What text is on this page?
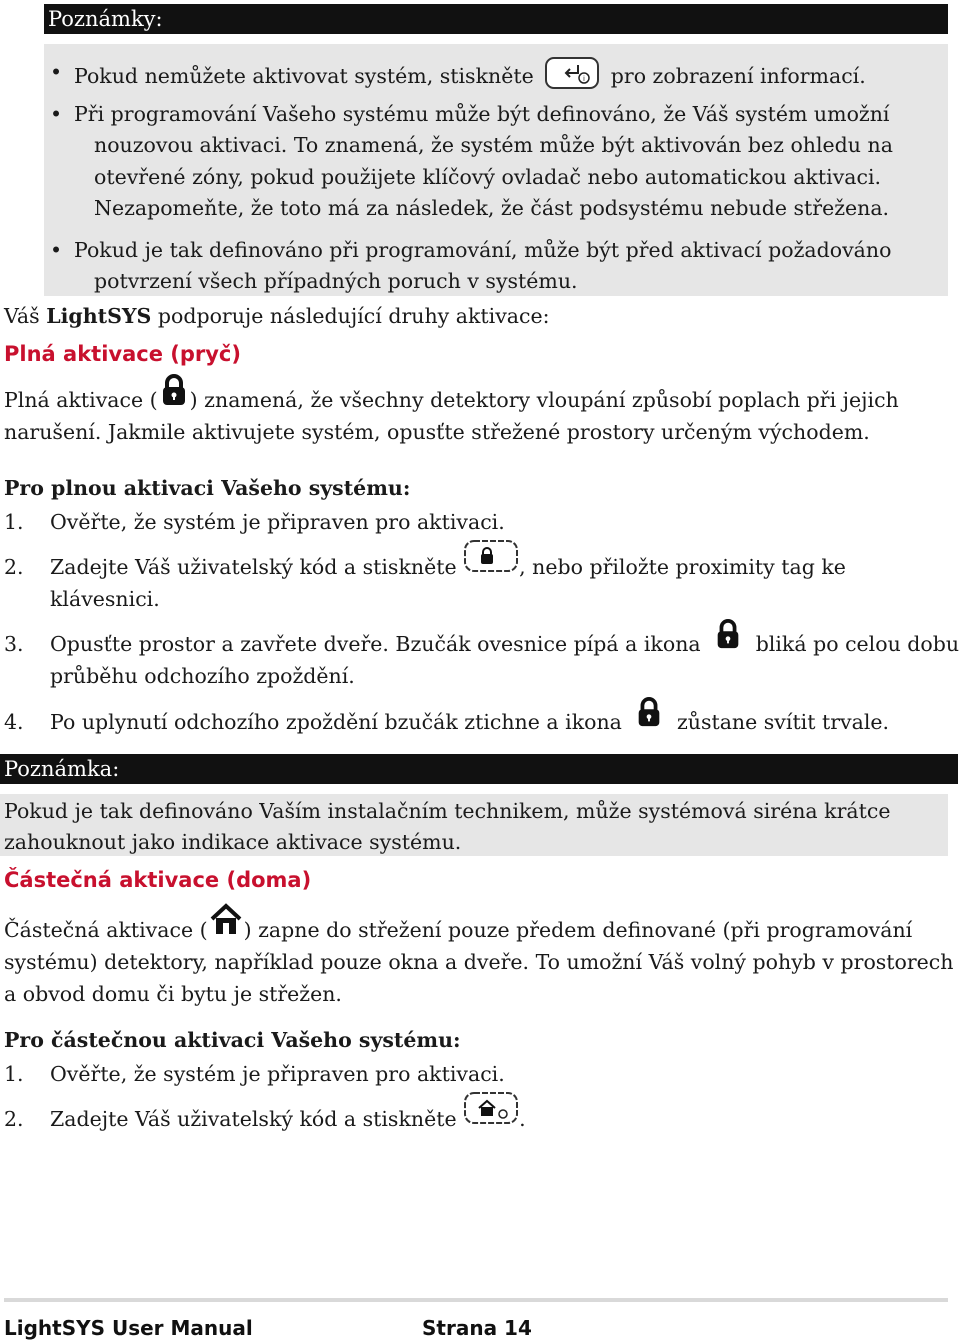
Poznámky:
• Pokud nemůžete aktivovat systém, stiskněte	i pro zobrazení informací.
• Při programování Vašeho systému může být definováno, že Váš systém umožní
nouzovou aktivaci. To znamená, že systém může být aktivován bez ohledu na
otevřené zóny, pokud použijete klíčový ovladač nebo automatickou aktivaci.
Nezapomeňte, že toto má za následek, že část podsystému nebude střežena.
• Pokud je tak definováno při programování, může být před aktivací požadováno
potvrzení všech případných poruch v systému.
Váš LightSYS podporuje následující druhy aktivace:
Plná aktivace (pryč)
Plná aktivace ( ) znamená, že všechny detektory vloupání způsobí poplach při jejich
narušení. Jakmile aktivujete systém, opusťte střežené prostory určeným východem.
Pro plnou aktivaci Vašeho systému:
1. Ověřte, že systém je připraven pro aktivaci.
2. Zadejte Váš uživatelský kód a stiskněte	, nebo přiložte proximity tag ke
klávesnici.
3. Opusťte prostor a zavřete dveře. Bzučák ovesnice pípá a ikona	bliká po celou dobu
průběhu odchozího zpoždění.
4. Po uplynutí odchozího zpoždění bzučák ztichne a ikona	zůstane svítit trvale.
Poznámka:
Pokud je tak definováno Vaším instalačním technikem, může systémová siréna krátce
zahouknout jako indikace aktivace systému.
Částečná aktivace (doma)
Částečná aktivace ( ) zapne do střežení pouze předem definované (při programování
systému) detektory, například pouze okna a dveře. To umožní Váš volný pohyb v prostorech
a obvod domu či bytu je střežen.
Pro částečnou aktivaci Vašeho systému:
1. Ověřte, že systém je připraven pro aktivaci.
2. Zadejte Váš uživatelský kód a stiskněte	.
LightSYS User Manual	Strana 14
